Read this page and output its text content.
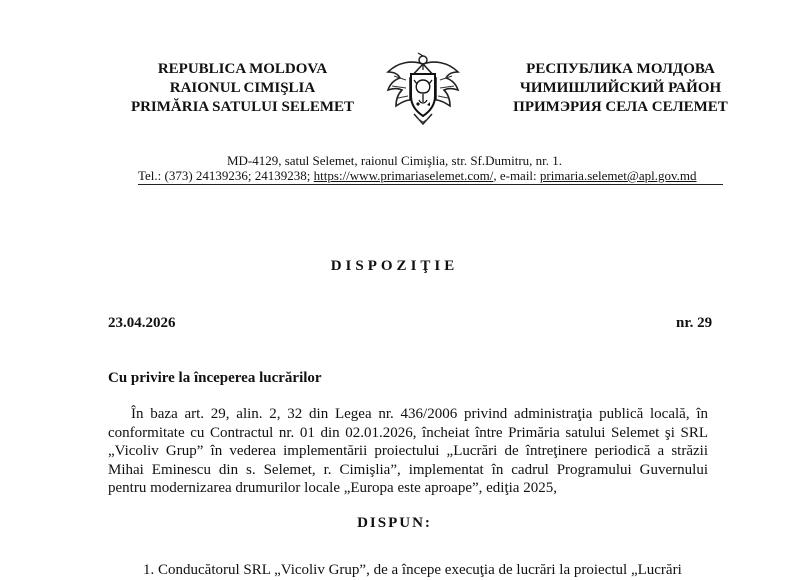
REPUBLICA MOLDOVA
RAIONUL CIMIŞLIA
PRIMĂRIA SATULUI SELEMET
РЕСПУБЛИКА МОЛДОВА
ЧИМИШЛИЙСКИЙ РАЙОН
ПРИМЭРИЯ СЕЛА СЕЛЕМЕТ
MD-4129, satul Selemet, raionul Cimişlia, str. Sf.Dumitru, nr. 1.
Tel.: (373) 24139236; 24139238; https://www.primariaselemet.com/, e-mail: primaria.selemet@apl.gov.md
DISPOZIŢIE
23.04.2026	nr. 29
Cu privire la începerea lucrărilor

În baza art. 29, alin. 2, 32 din Legea nr. 436/2006 privind administraţia publică locală, în

conformitate cu Contractul nr. 01 din 02.01.2026, încheiat între Primăria satului Selemet şi SRL

„Vicoliv Grup” în vederea implementării proiectului „Lucrări de întreţinere periodică a străzii

Mihai Eminescu din s. Selemet, r. Cimişlia”, implementat în cadrul Programului Guvernului

pentru modernizarea drumurilor locale „Europa este aproape”, ediţia 2025,

DISPUN:
1. Conducătorul SRL „Vicoliv Grup”, de a începe execuţia de lucrări la proiectul „Lucrări
